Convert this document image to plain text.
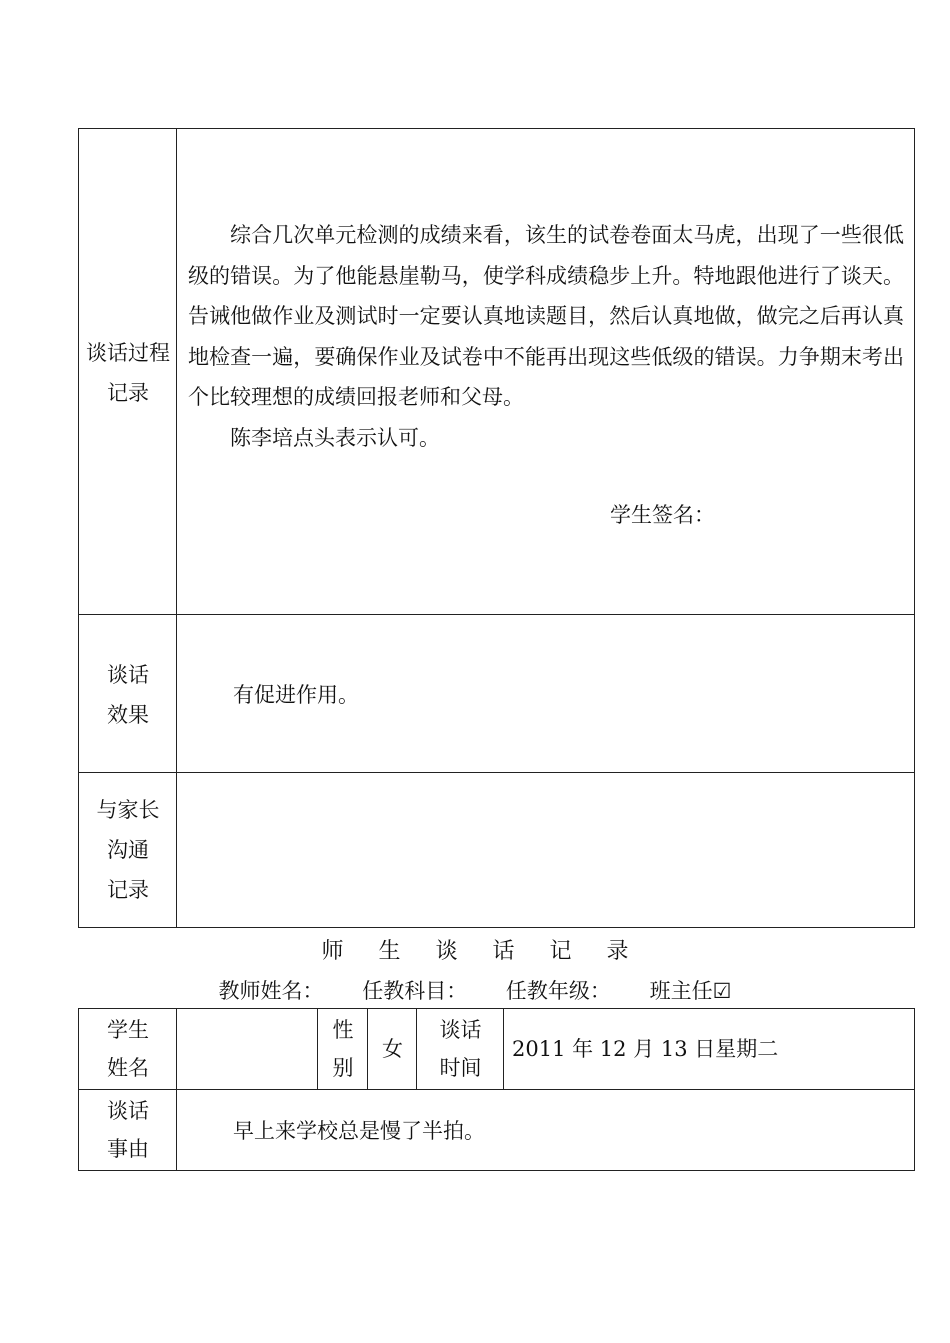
谈话过程记录

综合几次单元检测的成绩来看，该生的试卷卷面太马虎，出现了一些很低级的错误。为了他能悬崖勒马，使学科成绩稳步上升。特地跟他进行了谈天。告诫他做作业及测试时一定要认真地读题目，然后认真地做，做完之后再认真地检查一遍，要确保作业及试卷中不能再出现这些低级的错误。力争期末考出个比较理想的成绩回报老师和父母。

陈李培点头表示认可。

学生签名：
谈话
效果
有促进作用。
与家长
沟通
记录
师 生 谈 话 记 录
教师姓名： 任教科目： 任教年级： 班主任☑
学生
姓名
性
别
女
谈话
时间
2011 年 12 月 13 日星期二
谈话
事由
早上来学校总是慢了半拍。
